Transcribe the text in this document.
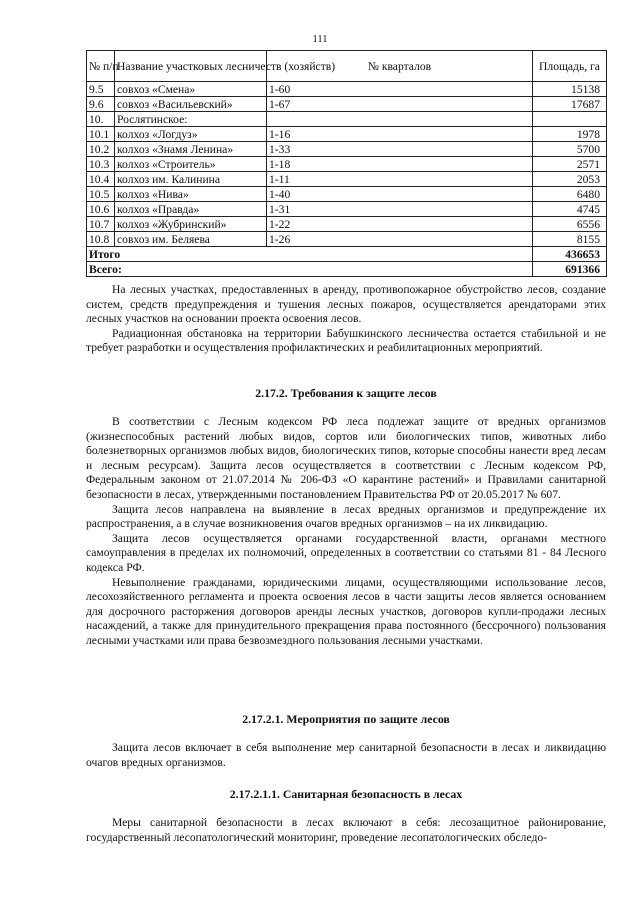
111
№ п/п	Название участковых лесничеств (хозяйств)	№ кварталов	Площадь, га
9.5	совхоз «Смена»	1-60	15138
9.6	совхоз «Васильевский»	1-67	17687
10.	Рослятинское:		
10.1	колхоз «Логдуз»	1-16	1978
10.2	колхоз «Знамя Ленина»	1-33	5700
10.3	колхоз «Строитель»	1-18	2571
10.4	колхоз им. Калинина	1-11	2053
10.5	колхоз «Нива»	1-40	6480
10.6	колхоз «Правда»	1-31	4745
10.7	колхоз «Жубринский»	1-22	6556
10.8	совхоз им. Беляева	1-26	8155
Итого			436653
Всего:			691366

На лесных участках, предоставленных в аренду, противопожарное обустройство лесов, создание систем, средств предупреждения и тушения лесных пожаров, осуществляется арендаторами этих лесных участков на основании проекта освоения лесов.

Радиационная обстановка на территории Бабушкинского лесничества остается стабильной и не требует разработки и осуществления профилактических и реабилитационных мероприятий.

2.17.2. Требования к защите лесов

В соответствии с Лесным кодексом РФ леса подлежат защите от вредных организмов (жизнеспособных растений любых видов, сортов или биологических типов, животных либо болезнетворных организмов любых видов, биологических типов, которые способны нанести вред лесам и лесным ресурсам). Защита лесов осуществляется в соответствии с Лесным кодексом РФ, Федеральным законом от 21.07.2014 № 206-ФЗ «О карантине растений» и Правилами санитарной безопасности в лесах, утвержденными постановлением Правительства РФ от 20.05.2017 № 607.

Защита лесов направлена на выявление в лесах вредных организмов и предупреждение их распространения, а в случае возникновения очагов вредных организмов – на их ликвидацию.

Защита лесов осуществляется органами государственной власти, органами местного самоуправления в пределах их полномочий, определенных в соответствии со статьями 81 - 84 Лесного кодекса РФ.

Невыполнение гражданами, юридическими лицами, осуществляющими использование лесов, лесохозяйственного регламента и проекта освоения лесов в части защиты лесов является основанием для досрочного расторжения договоров аренды лесных участков, договоров купли-продажи лесных насаждений, а также для принудительного прекращения права постоянного (бессрочного) пользования лесными участками или права безвозмездного пользования лесными участками.

2.17.2.1. Мероприятия по защите лесов

Защита лесов включает в себя выполнение мер санитарной безопасности в лесах и ликвидацию очагов вредных организмов.

2.17.2.1.1. Санитарная безопасность в лесах

Меры санитарной безопасности в лесах включают в себя: лесозащитное районирование, государственный лесопатологический мониторинг, проведение лесопатологических обследо-
